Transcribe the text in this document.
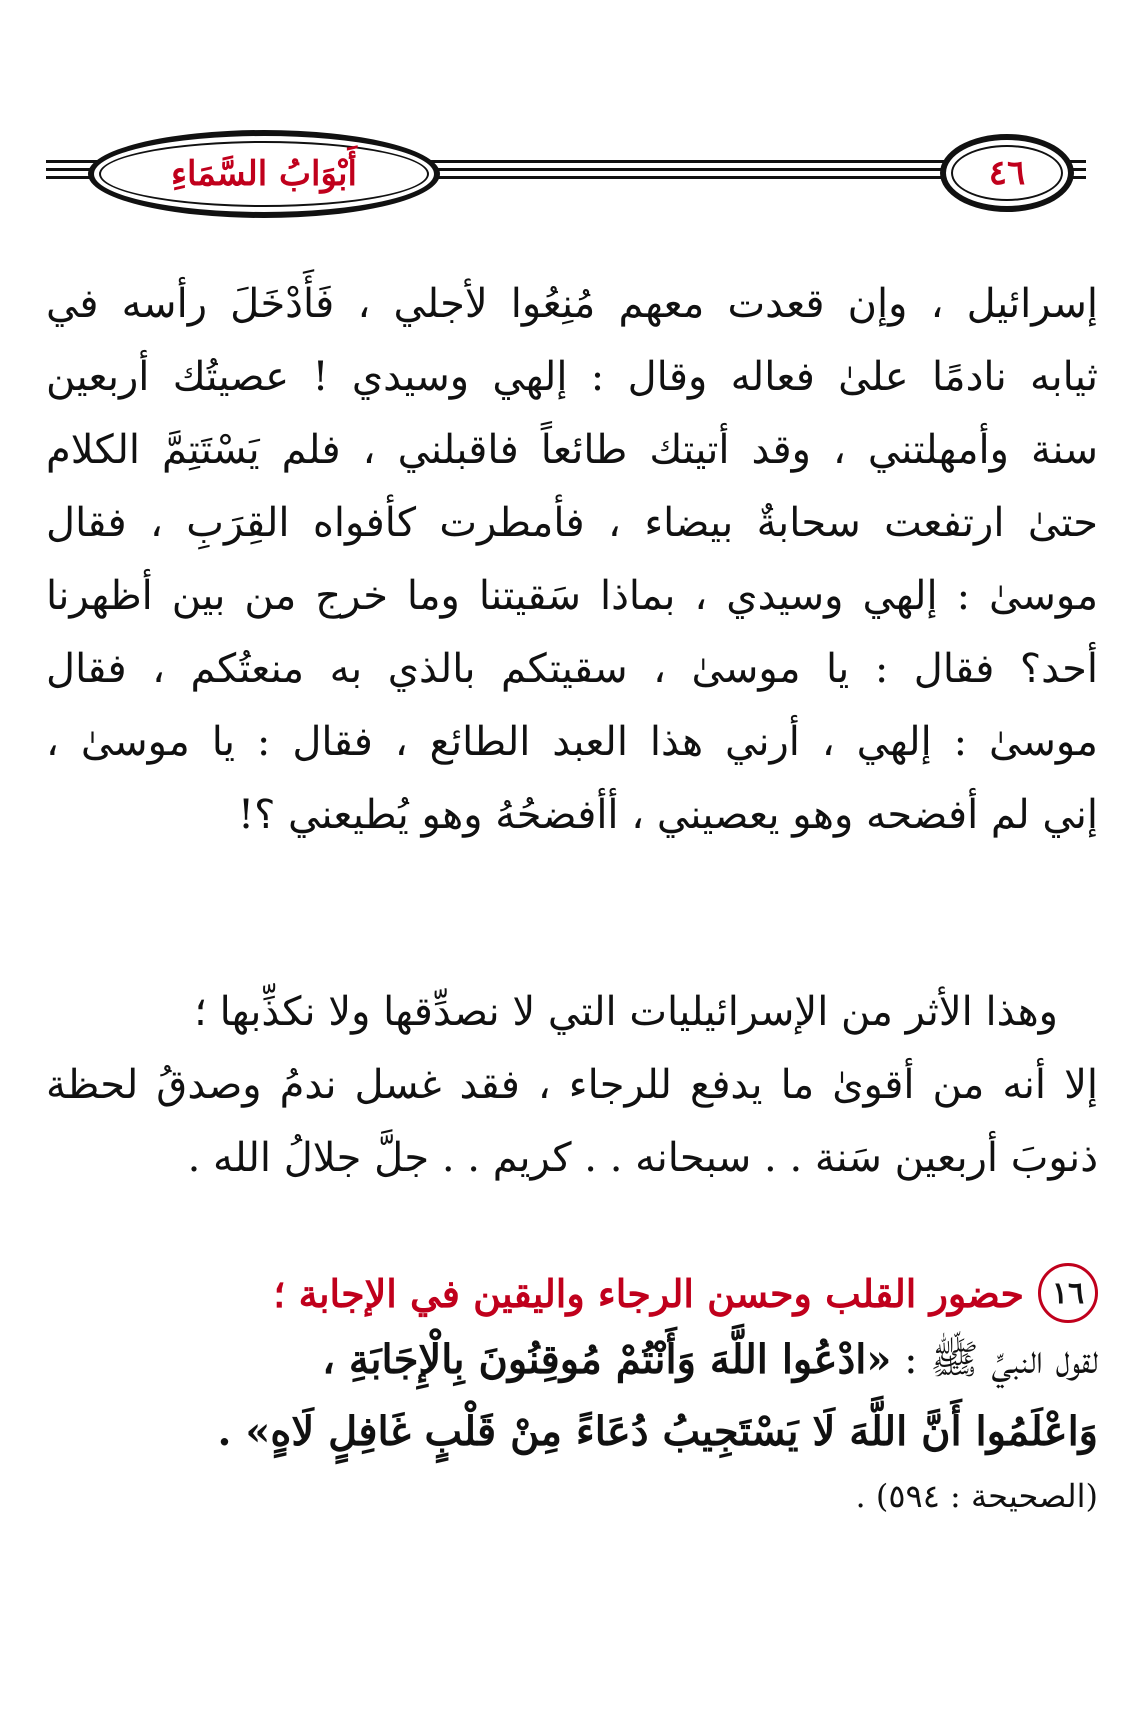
أَبْوَابُ السَّمَاءِ	٤٦
إسرائيل ، وإن قعدت معهم مُنِعُوا لأجلي ، فَأَدْخَلَ رأسه في
ثيابه نادمًا علىٰ فعاله وقال : إلهي وسيدي ! عصيتُك أربعين
سنة وأمهلتني ، وقد أتيتك طائعاً فاقبلني ، فلم يَسْتَتِمَّ الكلام
حتىٰ ارتفعت سحابةٌ بيضاء ، فأمطرت كأفواه القِرَبِ ، فقال
موسىٰ : إلهي وسيدي ، بماذا سَقيتنا وما خرج من بين أظهرنا
أحد؟ فقال : يا موسىٰ ، سقيتكم بالذي به منعتُكم ، فقال
موسىٰ : إلهي ، أرني هذا العبد الطائع ، فقال : يا موسىٰ ،
إني لم أفضحه وهو يعصيني ، أأفضحُهُ وهو يُطيعني ؟!
وهذا الأثر من الإسرائيليات التي لا نصدِّقها ولا نكذِّبها ؛
إلا أنه من أقوىٰ ما يدفع للرجاء ، فقد غسل ندمُ وصدقُ لحظة
ذنوبَ أربعين سَنة . . سبحانه . . كريم . . جلَّ جلالُ الله .
١٦
حضور القلب وحسن الرجاء واليقين في الإجابة ؛
لقول النبيِّ ﷺ : «ادْعُوا اللَّهَ وَأَنْتُمْ مُوقِنُونَ بِالْإِجَابَةِ ،
وَاعْلَمُوا أَنَّ اللَّهَ لَا يَسْتَجِيبُ دُعَاءً مِنْ قَلْبٍ غَافِلٍ لَاهٍ» .
(الصحيحة : ٥٩٤) .
